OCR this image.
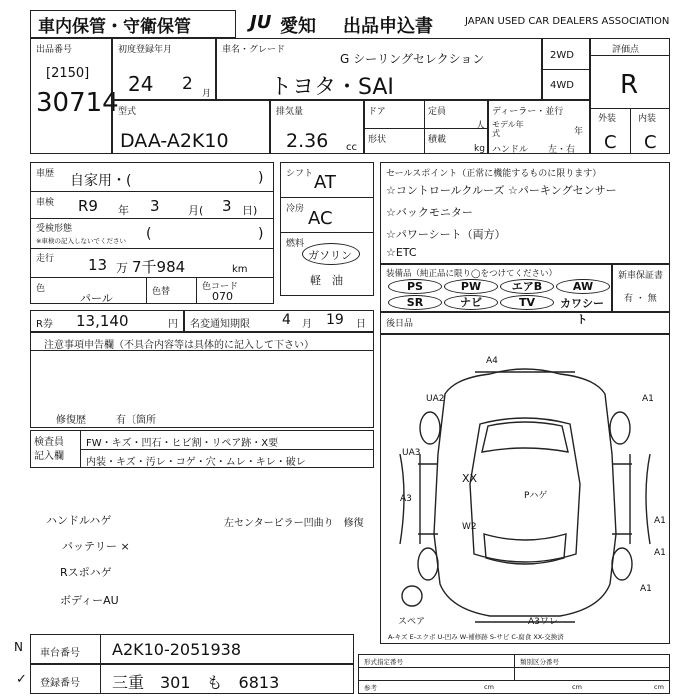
車内保管・守衛保管	JU 愛知 出品申込書	JAPAN USED CAR DEALERS ASSOCIATION
出品番号
[2150]
30714
初度登録年月
24 2 月
車名・グレード
G シーリングセレクション
トヨタ・SAI
2WD
4WD
評価点
R
外装 内装
C C
型式
DAA-A2K10
排気量
2.36 cc
ドア	定員
人
形状	積載
kg
ディーラー・並行
モデル年式	年
ハンドル 左・右
車歴 自家用・(	)
車検 R9 年 3	月( 3 日)
受検形態
※車検の記入しないでください (	)
走行 13 万 7千984	km
色
パール	色替	色コード
070
シフト AT
冷房 AC
燃料
ガソリン
軽　油
セールスポイント（正常に機能するものに限ります）
☆コントロールクルーズ ☆パーキングセンサー
☆バックモニター
☆パワーシート（両方）
☆ETC
装備品（純正品に限り◯をつけてください）
PS	PW	エアB	AW
SR	ナビ	TV	カワシート
新車保証書
有 ・ 無
R券 13,140	円 名変通知期限 4 月 19 日 後日品
注意事項申告欄（不具合内容等は具体的に記入して下さい）
修復歴	有〔箇所
検査員記入欄
FW・キズ・凹石・ヒビ割・リペア跡・X要
内装・キズ・汚レ・コゲ・穴・ムレ・キレ・破レ
ハンドルハゲ
バッテリー ×
Rスポハゲ
ボディーAU
左センターピラー凹曲り　修復
A4
UA2	A1
UA3
XX
Pハゲ
A3
W2
A1
A1
A1
A3ワレ
スペア
A-キズ E-エクボ U-凹み W-補修跡 S-サビ C-腐食 XX-交換済
N
✓
車台番号 A2K10-2051938
登録番号 三重　301　も　6813
形式指定番号	類別区分番号
参考	cm	cm	cm
